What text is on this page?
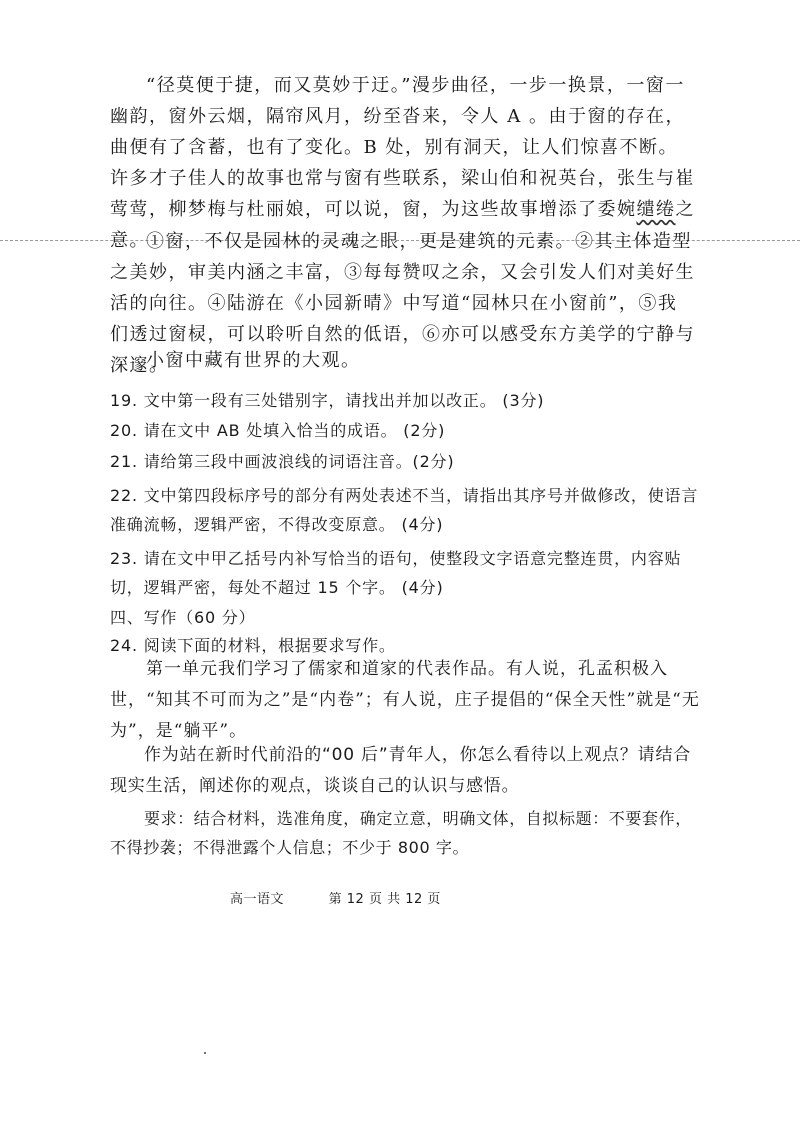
“径莫便于捷，而又莫妙于迂。”漫步曲径，一步一换景，一窗一幽韵，窗外云烟，隔帘风月，纷至沓来，令人 A 。由于窗的存在，曲便有了含蓄，也有了变化。B 处，别有洞天，让人们惊喜不断。许多才子佳人的故事也常与窗有些联系，梁山伯和祝英台，张生与崔莺莺，柳梦梅与杜丽娘，可以说，窗，为这些故事增添了委婉缱绻之意。

①窗，不仅是园林的灵魂之眼，更是建筑的元素。②其主体造型之美妙，审美内涵之丰富，③每每赞叹之余，又会引发人们对美好生活的向往。④陆游在《小园新晴》中写道“园林只在小窗前”，⑤我们透过窗棂，可以聆听自然的低语，⑥亦可以感受东方美学的宁静与深邃。

小窗中藏有世界的大观。

19. 文中第一段有三处错别字，请找出并加以改正。 (3分)

20. 请在文中 AB 处填入恰当的成语。 (2分)

21. 请给第三段中画波浪线的词语注音。(2分)

22. 文中第四段标序号的部分有两处表述不当，请指出其序号并做修改，使语言准确流畅，逻辑严密，不得改变原意。 (4分)

23. 请在文中甲乙括号内补写恰当的语句，使整段文字语意完整连贯，内容贴切，逻辑严密，每处不超过 15 个字。 (4分)

四、写作（60 分）

24. 阅读下面的材料，根据要求写作。

第一单元我们学习了儒家和道家的代表作品。有人说，孔孟积极入世，“知其不可而为之”是“内卷”；有人说，庄子提倡的“保全天性”就是“无为”，是“躺平”。

作为站在新时代前沿的“00 后”青年人，你怎么看待以上观点？请结合现实生活，阐述你的观点，谈谈自己的认识与感悟。

要求：结合材料，选准角度，确定立意，明确文体，自拟标题：不要套作，不得抄袭；不得泄露个人信息；不少于 800 字。

高一语文	第 12 页 共 12 页
